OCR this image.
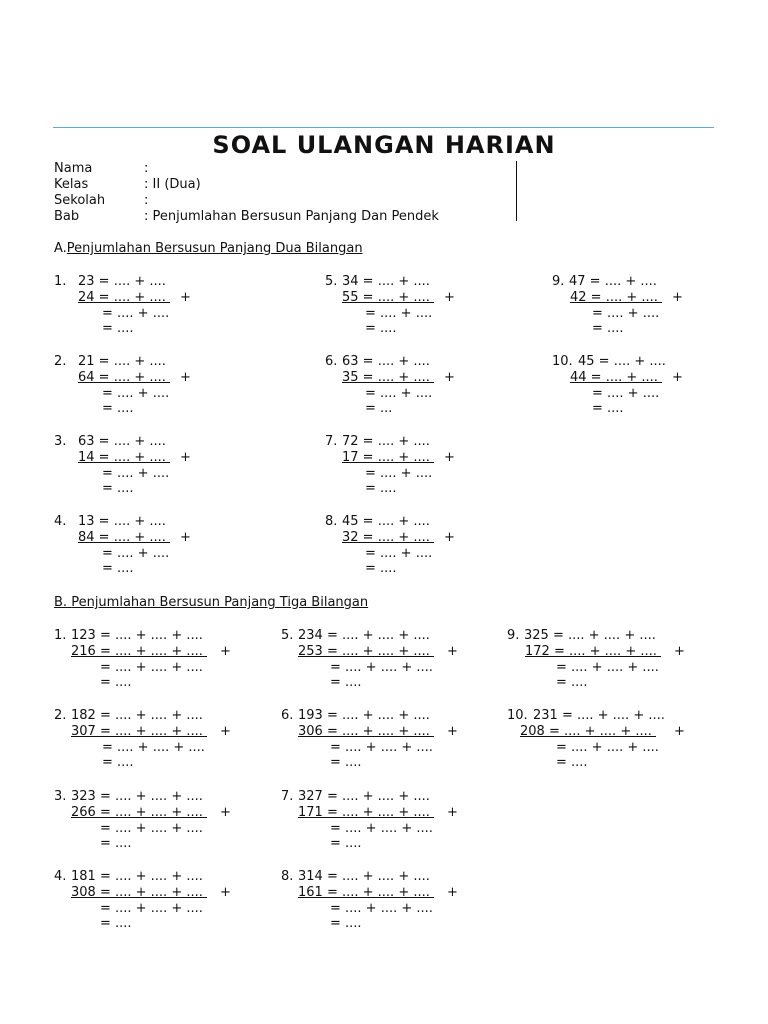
SOAL ULANGAN HARIAN
Nama	:
Kelas	: II (Dua)
Sekolah	:
Bab	: Penjumlahan Bersusun Panjang Dan Pendek
A.Penjumlahan Bersusun Panjang Dua Bilangan
B. Penjumlahan Bersusun Panjang Tiga Bilangan
1. 23 = .... + ....
24 = .... + .... +
= .... + ....
= ....
2. 21 = .... + ....
64 = .... + .... +
= .... + ....
= ....
3. 63 = .... + ....
14 = .... + .... +
= .... + ....
= ....
4. 13 = .... + ....
84 = .... + .... +
= .... + ....
= ....
5. 34 = .... + ....
55 = .... + .... +
= .... + ....
= ....
6. 63 = .... + ....
35 = .... + .... +
= .... + ....
= ...
7. 72 = .... + ....
17 = .... + .... +
= .... + ....
= ....
8. 45 = .... + ....
32 = .... + .... +
= .... + ....
= ....
9. 47 = .... + ....
42 = .... + .... +
= .... + ....
= ....
10. 45 = .... + ....
44 = .... + .... +
= .... + ....
= ....
1. 123 = .... + .... + ....
216 = .... + .... + .... +
= .... + .... + ....
= ....
2. 182 = .... + .... + ....
307 = .... + .... + .... +
= .... + .... + ....
= ....
3. 323 = .... + .... + ....
266 = .... + .... + .... +
= .... + .... + ....
= ....
4. 181 = .... + .... + ....
308 = .... + .... + .... +
= .... + .... + ....
= ....
5. 234 = .... + .... + ....
253 = .... + .... + .... +
= .... + .... + ....
= ....
6. 193 = .... + .... + ....
306 = .... + .... + .... +
= .... + .... + ....
= ....
7. 327 = .... + .... + ....
171 = .... + .... + .... +
= .... + .... + ....
= ....
8. 314 = .... + .... + ....
161 = .... + .... + .... +
= .... + .... + ....
= ....
9. 325 = .... + .... + ....
172 = .... + .... + .... +
= .... + .... + ....
= ....
10. 231 = .... + .... + ....
208 = .... + .... + .... +
= .... + .... + ....
= ....
